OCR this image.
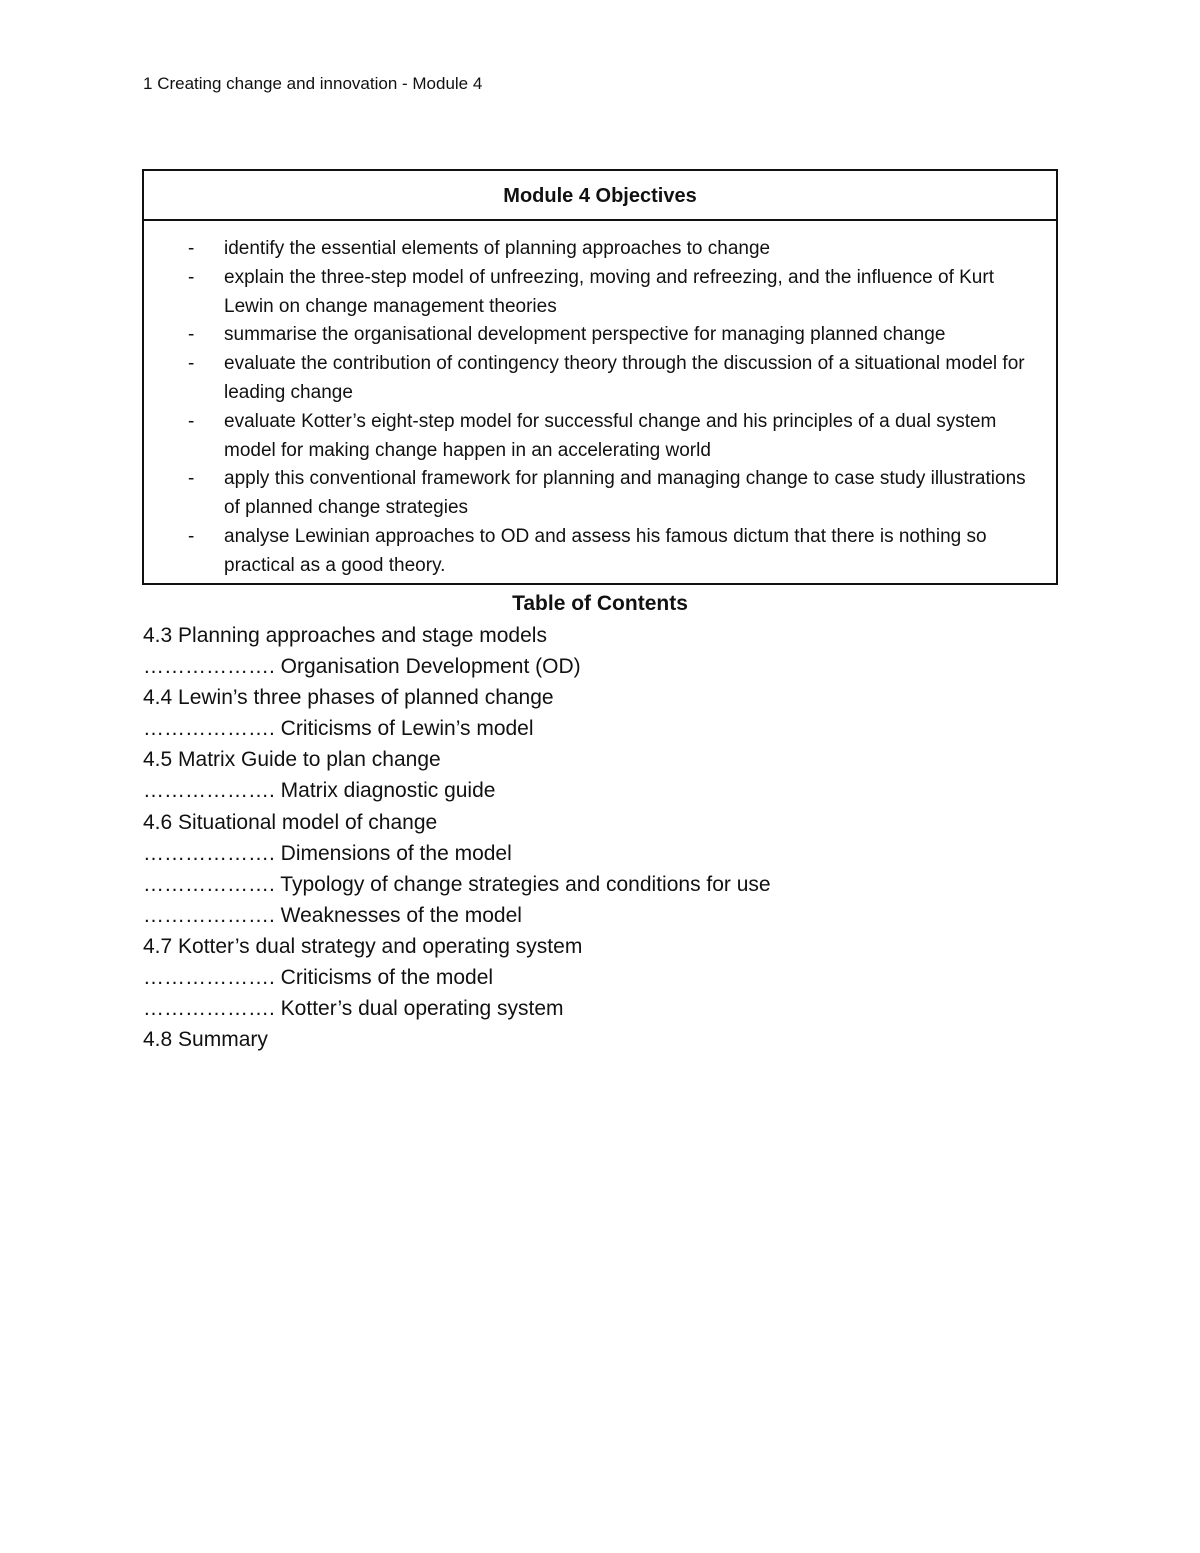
1 Creating change and innovation - Module 4
Module 4 Objectives
- identify the essential elements of planning approaches to change
- explain the three-step model of unfreezing, moving and refreezing, and the influence of Kurt Lewin on change management theories
- summarise the organisational development perspective for managing planned change
- evaluate the contribution of contingency theory through the discussion of a situational model for leading change
- evaluate Kotter’s eight-step model for successful change and his principles of a dual system model for making change happen in an accelerating world
- apply this conventional framework for planning and managing change to case study illustrations of planned change strategies
- analyse Lewinian approaches to OD and assess his famous dictum that there is nothing so practical as a good theory.
Table of Contents
4.3 Planning approaches and stage models
………………. Organisation Development (OD)
4.4 Lewin’s three phases of planned change
………………. Criticisms of Lewin’s model
4.5 Matrix Guide to plan change
………………. Matrix diagnostic guide
4.6 Situational model of change
………………. Dimensions of the model
………………. Typology of change strategies and conditions for use
………………. Weaknesses of the model
4.7 Kotter’s dual strategy and operating system
………………. Criticisms of the model
………………. Kotter’s dual operating system
4.8 Summary
